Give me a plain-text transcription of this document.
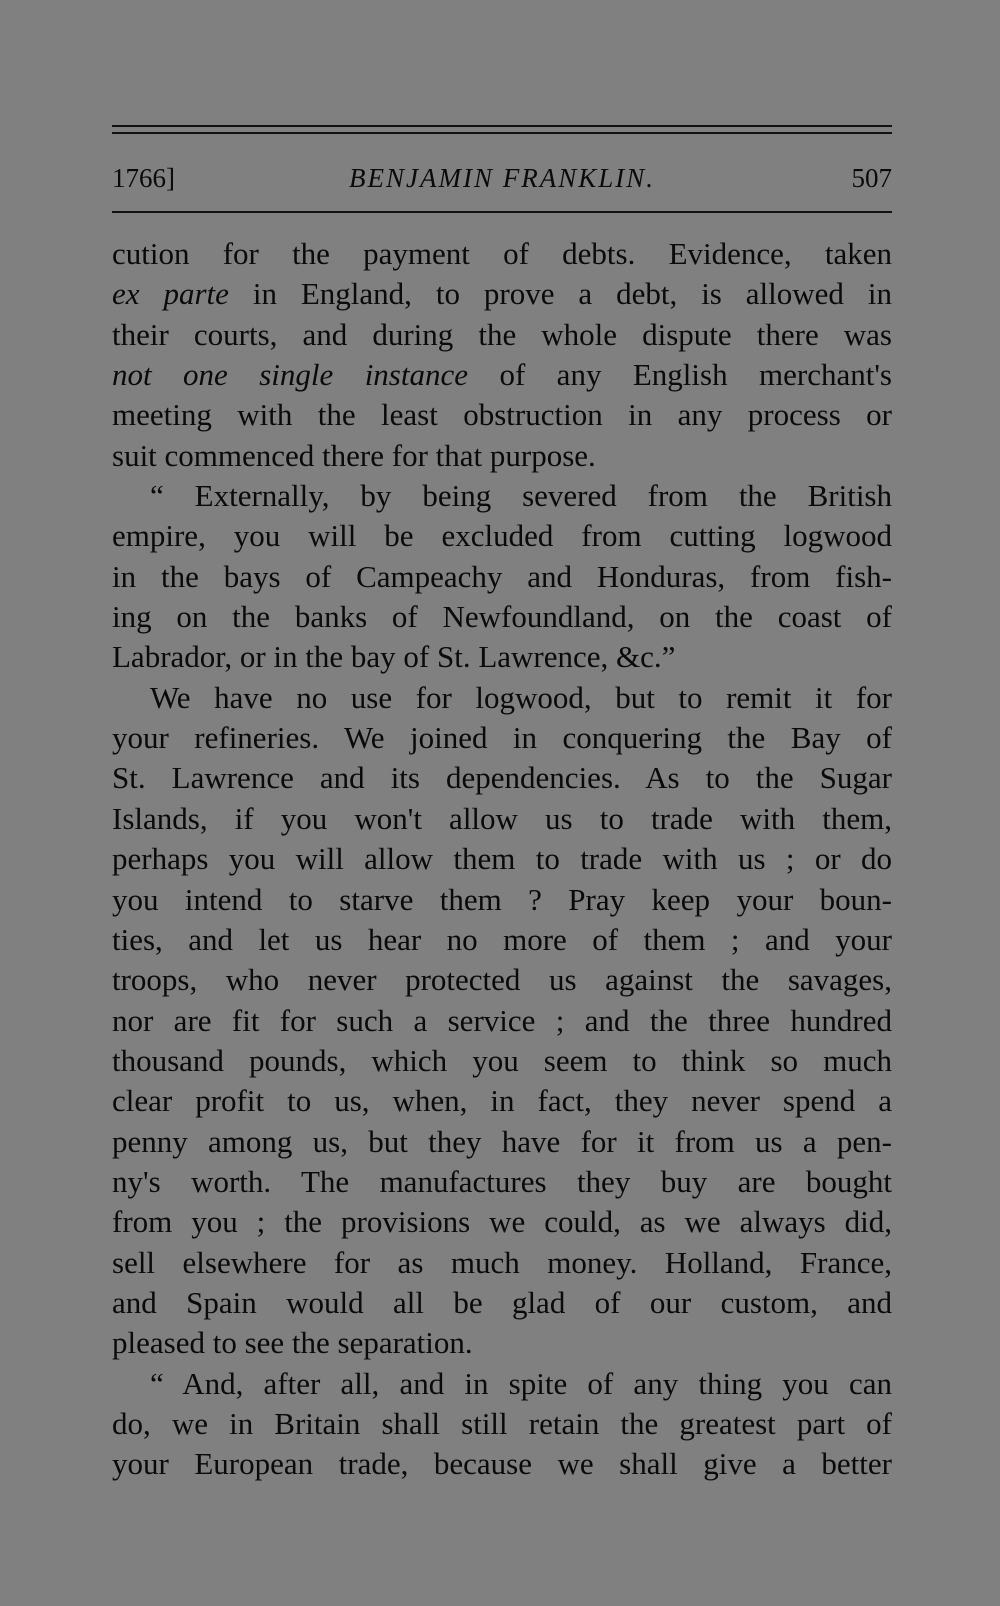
1766]	BENJAMIN FRANKLIN.	507
cution for the payment of debts. Evidence, taken
ex parte in England, to prove a debt, is allowed in
their courts, and during the whole dispute there was
not one single instance of any English merchant's
meeting with the least obstruction in any process or
suit commenced there for that purpose.
“ Externally, by being severed from the British
empire, you will be excluded from cutting logwood
in the bays of Campeachy and Honduras, from fish-
ing on the banks of Newfoundland, on the coast of
Labrador, or in the bay of St. Lawrence, &c.”
We have no use for logwood, but to remit it for
your refineries. We joined in conquering the Bay of
St. Lawrence and its dependencies. As to the Sugar
Islands, if you won't allow us to trade with them,
perhaps you will allow them to trade with us ; or do
you intend to starve them ? Pray keep your boun-
ties, and let us hear no more of them ; and your
troops, who never protected us against the savages,
nor are fit for such a service ; and the three hundred
thousand pounds, which you seem to think so much
clear profit to us, when, in fact, they never spend a
penny among us, but they have for it from us a pen-
ny's worth. The manufactures they buy are bought
from you ; the provisions we could, as we always did,
sell elsewhere for as much money. Holland, France,
and Spain would all be glad of our custom, and
pleased to see the separation.
“ And, after all, and in spite of any thing you can
do, we in Britain shall still retain the greatest part of
your European trade, because we shall give a better
